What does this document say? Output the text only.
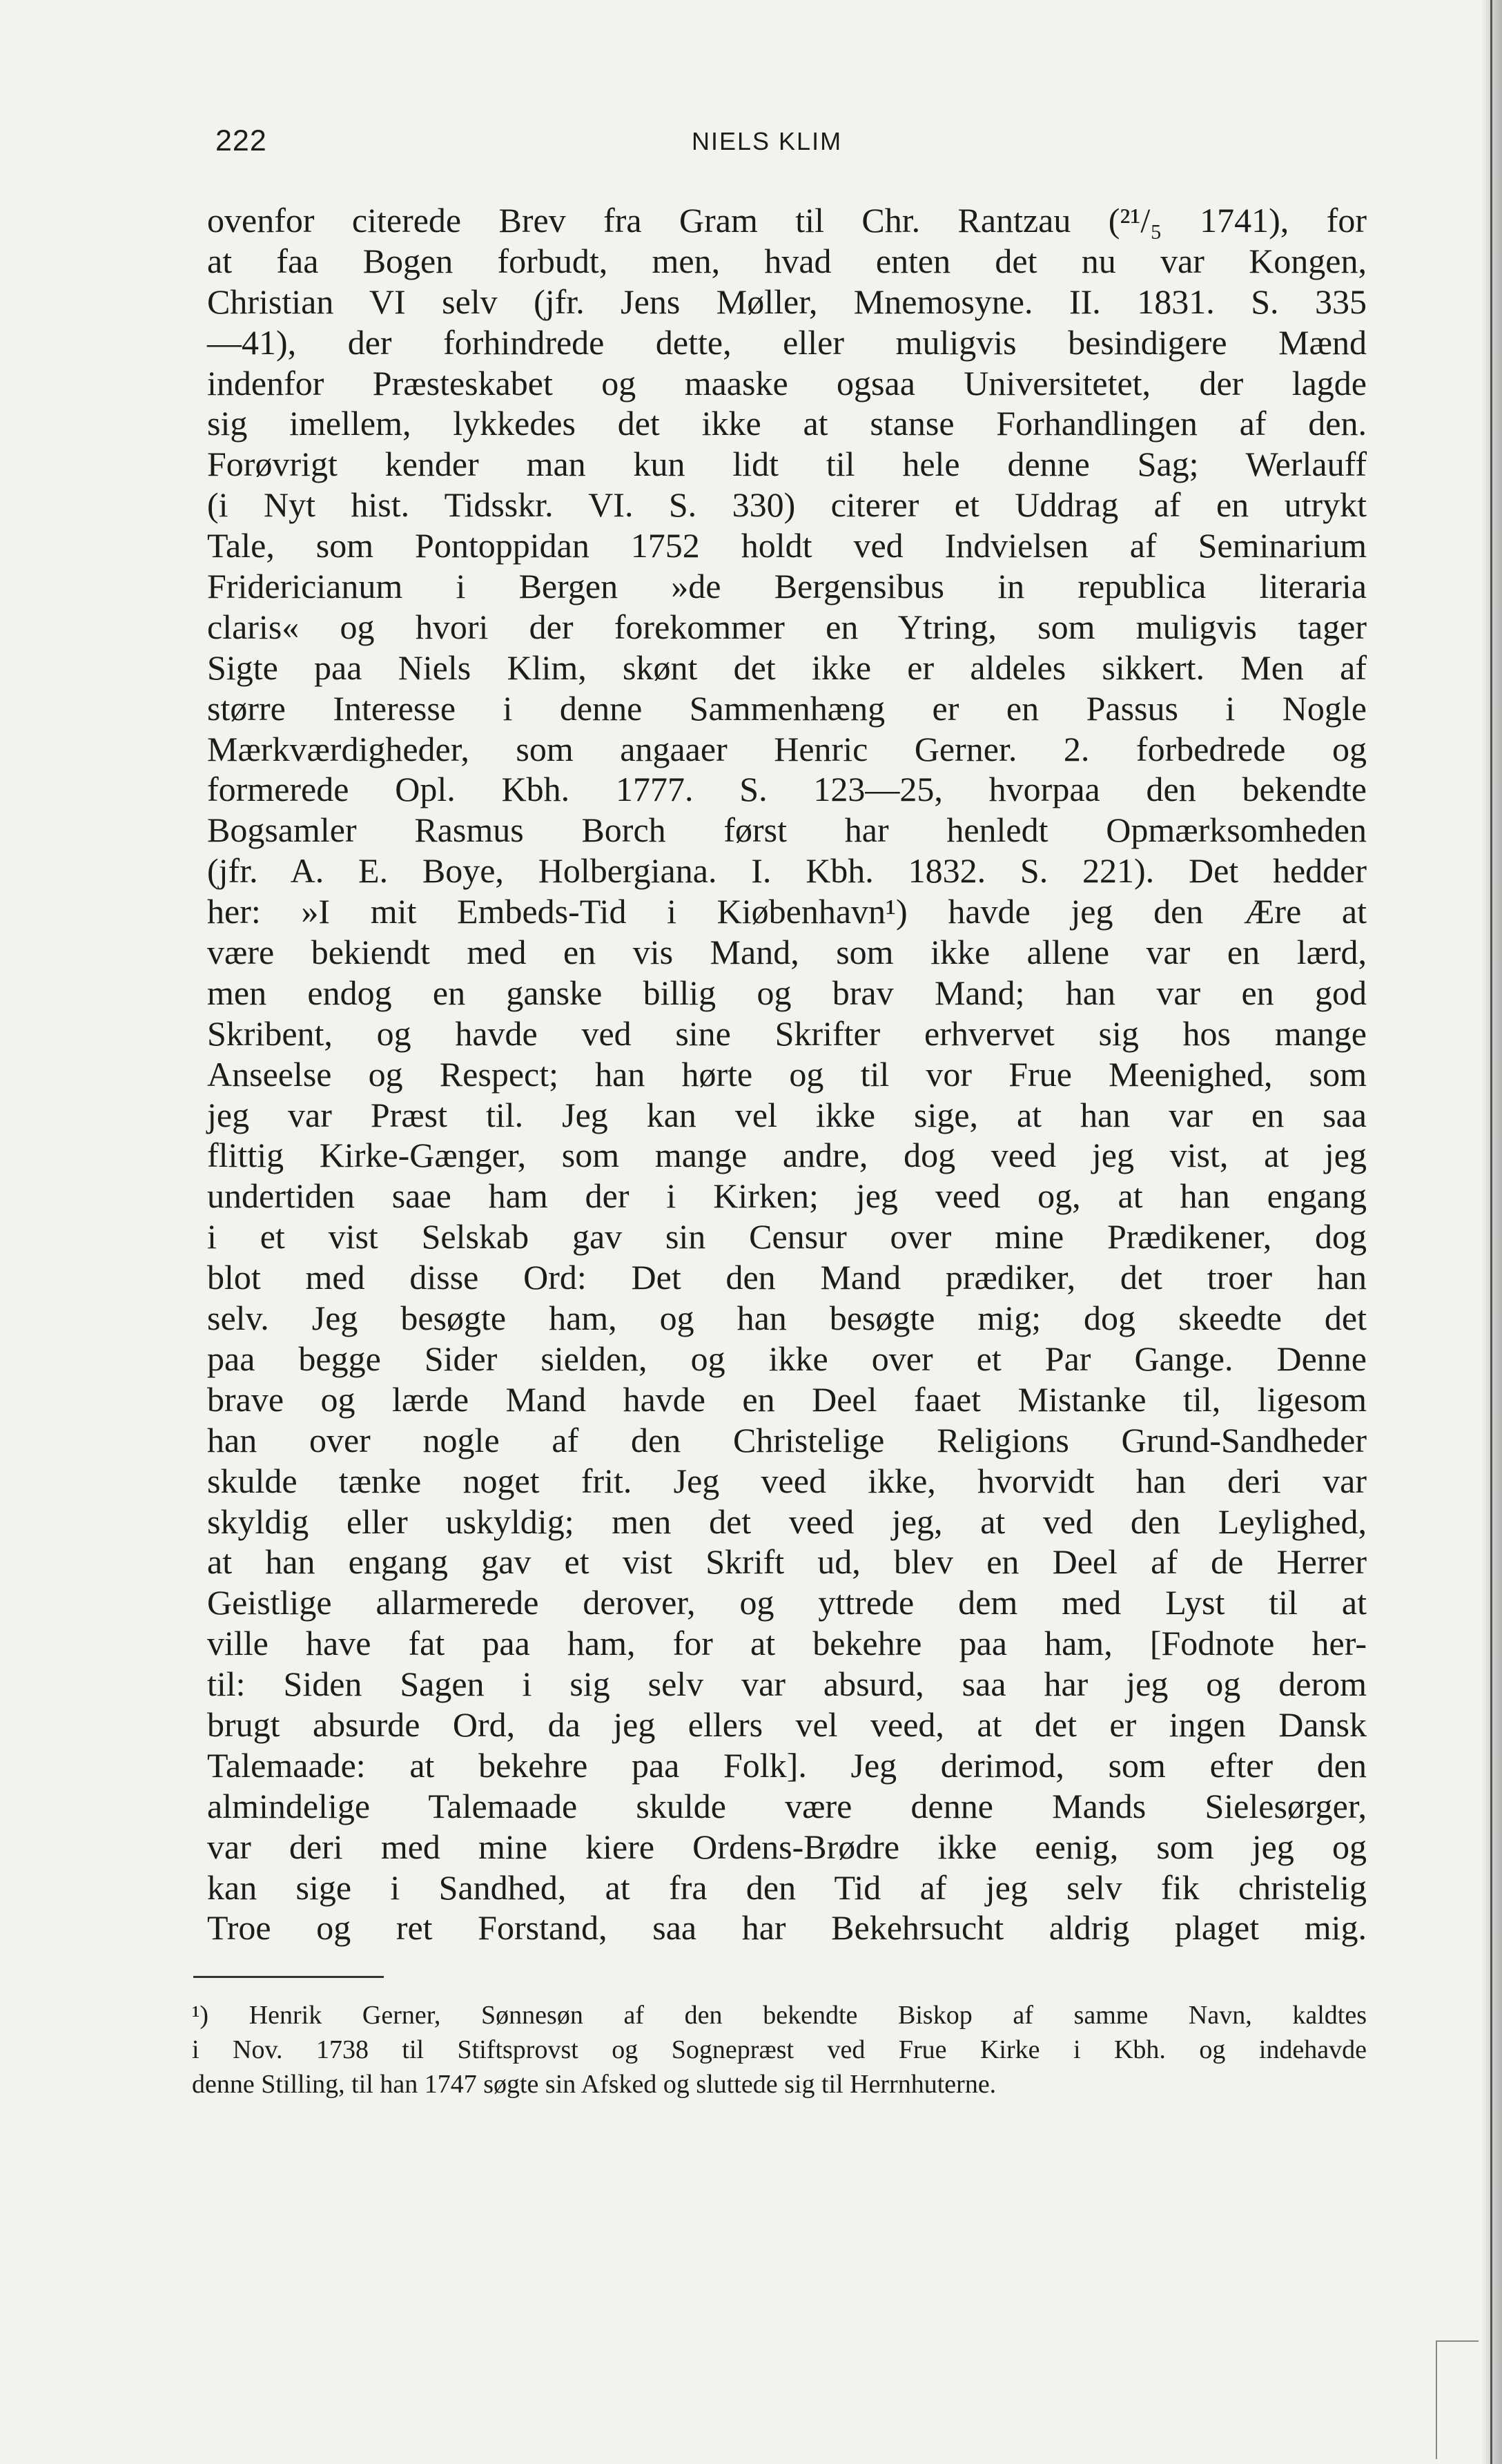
222	NIELS KLIM
ovenfor citerede Brev fra Gram til Chr. Rantzau (²¹/₅ 1741), for
at faa Bogen forbudt, men, hvad enten det nu var Kongen,
Christian VI selv (jfr. Jens Møller, Mnemosyne. II. 1831. S. 335
—41), der forhindrede dette, eller muligvis besindigere Mænd
indenfor Præsteskabet og maaske ogsaa Universitetet, der lagde
sig imellem, lykkedes det ikke at stanse Forhandlingen af den.
Forøvrigt kender man kun lidt til hele denne Sag; Werlauff
(i Nyt hist. Tidsskr. VI. S. 330) citerer et Uddrag af en utrykt
Tale, som Pontoppidan 1752 holdt ved Indvielsen af Seminarium
Fridericianum i Bergen »de Bergensibus in republica literaria
claris« og hvori der forekommer en Ytring, som muligvis tager
Sigte paa Niels Klim, skønt det ikke er aldeles sikkert. Men af
større Interesse i denne Sammenhæng er en Passus i Nogle
Mærkværdigheder, som angaaer Henric Gerner. 2. forbedrede og
formerede Opl. Kbh. 1777. S. 123—25, hvorpaa den bekendte
Bogsamler Rasmus Borch først har henledt Opmærksomheden
(jfr. A. E. Boye, Holbergiana. I. Kbh. 1832. S. 221). Det hedder
her: »I mit Embeds-Tid i Kiøbenhavn¹) havde jeg den Ære at
være bekiendt med en vis Mand, som ikke allene var en lærd,
men endog en ganske billig og brav Mand; han var en god
Skribent, og havde ved sine Skrifter erhvervet sig hos mange
Anseelse og Respect; han hørte og til vor Frue Meenighed, som
jeg var Præst til. Jeg kan vel ikke sige, at han var en saa
flittig Kirke-Gænger, som mange andre, dog veed jeg vist, at jeg
undertiden saae ham der i Kirken; jeg veed og, at han engang
i et vist Selskab gav sin Censur over mine Prædikener, dog
blot med disse Ord: Det den Mand prædiker, det troer han
selv. Jeg besøgte ham, og han besøgte mig; dog skeedte det
paa begge Sider sielden, og ikke over et Par Gange. Denne
brave og lærde Mand havde en Deel faaet Mistanke til, ligesom
han over nogle af den Christelige Religions Grund-Sandheder
skulde tænke noget frit. Jeg veed ikke, hvorvidt han deri var
skyldig eller uskyldig; men det veed jeg, at ved den Leylighed,
at han engang gav et vist Skrift ud, blev en Deel af de Herrer
Geistlige allarmerede derover, og yttrede dem med Lyst til at
ville have fat paa ham, for at bekehre paa ham, [Fodnote her-
til: Siden Sagen i sig selv var absurd, saa har jeg og derom
brugt absurde Ord, da jeg ellers vel veed, at det er ingen Dansk
Talemaade: at bekehre paa Folk]. Jeg derimod, som efter den
almindelige Talemaade skulde være denne Mands Sielesørger,
var deri med mine kiere Ordens-Brødre ikke eenig, som jeg og
kan sige i Sandhed, at fra den Tid af jeg selv fik christelig
Troe og ret Forstand, saa har Bekehrsucht aldrig plaget mig.
¹) Henrik Gerner, Sønnesøn af den bekendte Biskop af samme Navn, kaldtes
i Nov. 1738 til Stiftsprovst og Sognepræst ved Frue Kirke i Kbh. og indehavde
denne Stilling, til han 1747 søgte sin Afsked og sluttede sig til Herrnhuterne.
